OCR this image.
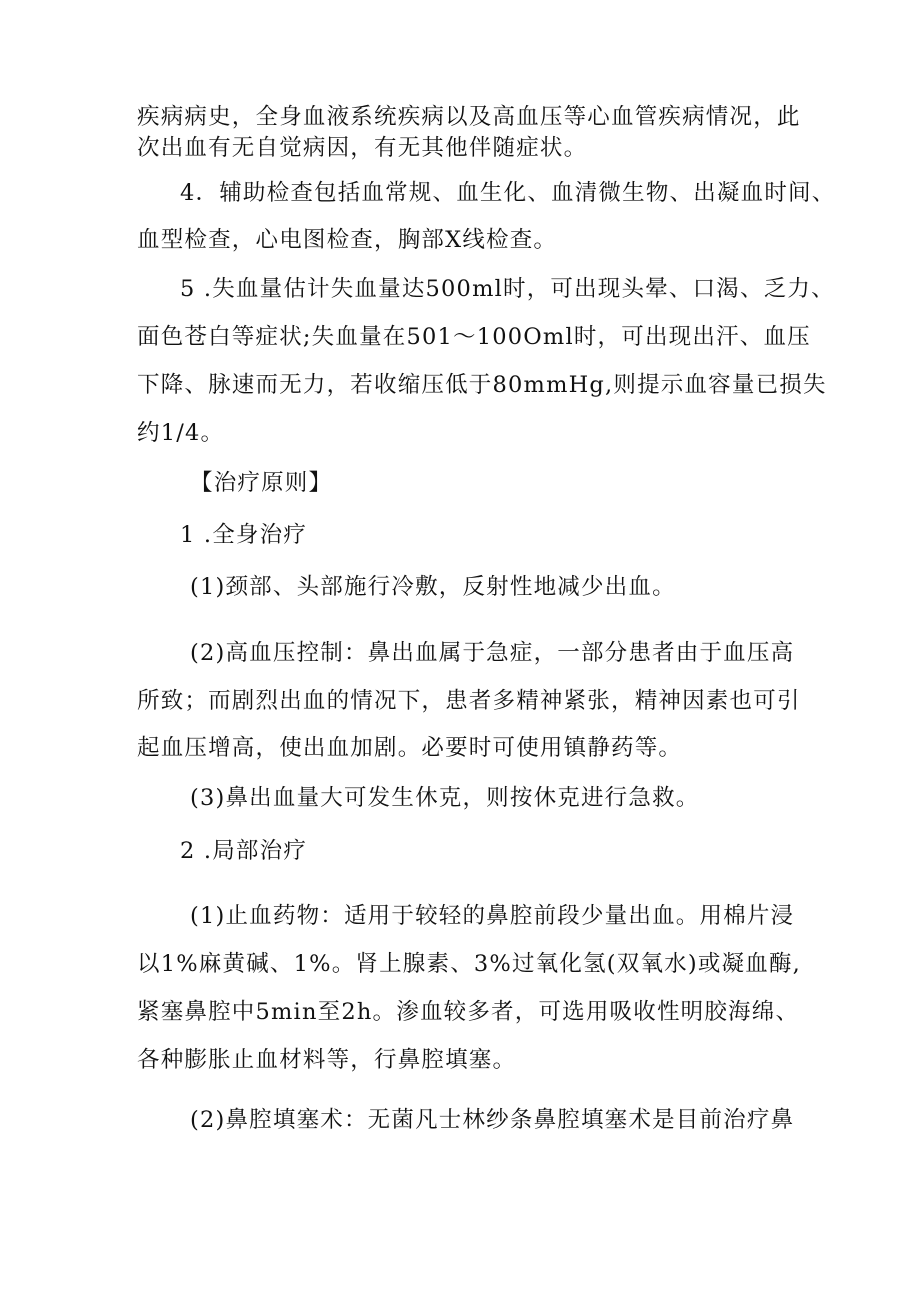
疾病病史，全身血液系统疾病以及高血压等心血管疾病情况，此
次出血有无自觉病因，有无其他伴随症状。
4．辅助检查包括血常规、血生化、血清微生物、出凝血时间、
血型检查，心电图检查，胸部X线检查。
5 .失血量估计失血量达500ml时，可出现头晕、口渴、乏力、
面色苍白等症状;失血量在501～100Oml时，可出现出汗、血压
下降、脉速而无力，若收缩压低于80mmHg,则提示血容量已损失
约1/4。
【治疗原则】
1 .全身治疗
(1)颈部、头部施行冷敷，反射性地减少出血。
(2)高血压控制：鼻出血属于急症，一部分患者由于血压高
所致；而剧烈出血的情况下，患者多精神紧张，精神因素也可引
起血压增高，使出血加剧。必要时可使用镇静药等。
(3)鼻出血量大可发生休克，则按休克进行急救。
2 .局部治疗
(1)止血药物：适用于较轻的鼻腔前段少量出血。用棉片浸
以1%麻黄碱、1%。肾上腺素、3%过氧化氢(双氧水)或凝血酶,
紧塞鼻腔中5min至2h。渗血较多者，可选用吸收性明胶海绵、
各种膨胀止血材料等，行鼻腔填塞。
(2)鼻腔填塞术：无菌凡士林纱条鼻腔填塞术是目前治疗鼻
